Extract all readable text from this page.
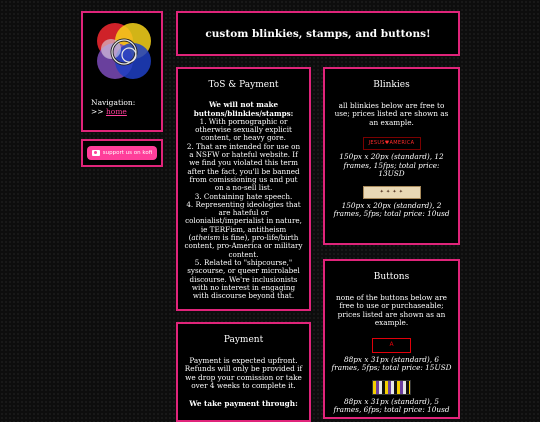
Navigation:
>> home
support us on kofi
custom blinkies, stamps, and buttons!
ToS & Payment
We will not make buttons/blinkies/stamps:
1. With pornographic or otherwise sexually explicit content, or heavy gore.
2. That are intended for use on a NSFW or hateful website. If we find you violated this term after the fact, you'll be banned from comissioning us and put on a no-sell list.
3. Containing hate speech.
4. Representing ideologies that are hateful or colonialist/imperialist in nature, ie TERFism, antitheism (atheism is fine), pro-life/birth content, pro-America or military content.
5. Related to "shipcourse," syscourse, or queer microlabel discourse. We're inclusionists with no interest in engaging with discourse beyond that.
Blinkies
all blinkies below are free to use; prices listed are shown as an example.
JESUS♥AMERICA
150px x 20px (standard), 12 frames, 15fps; total price: 13USD
✦ ✦ ✦ ✦
150px x 20px (standard), 2 frames, 5fps; total price: 10usd
Buttons
none of the buttons below are free to use or purchaseable; prices listed are shown as an example.
A
88px x 31px (standard), 6 frames, 5fps; total price: 15USD
88px x 31px (standard), 5 frames, 6fps; total price: 10usd
Payment
Payment is expected upfront. Refunds will only be provided if we drop your comission or take over 4 weeks to complete it.
We take payment through:
